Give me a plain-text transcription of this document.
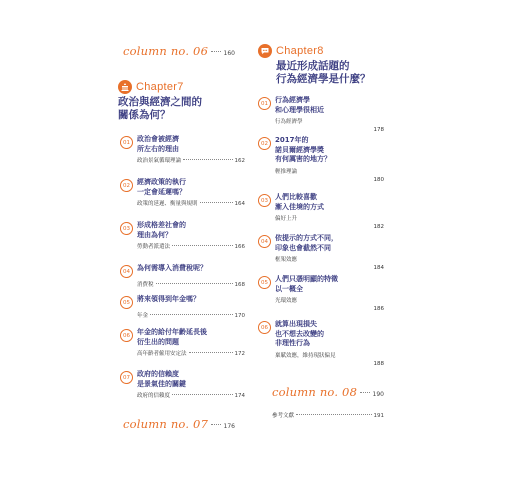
column no. 06	160
Chapter7
政治與經濟之間的
關係為何？
01	政治會被經濟
所左右的理由
政治景氣循環理論	162
02	經濟政策的執行
一定會延遲嗎？
政策的延遲、衡量與規則	164
03	形成格差社會的
理由為何？
勞動者派遣法	166
04	為何需導入消費稅呢？
消費稅	168
05	將來領得到年金嗎？
年金	170
06	年金的給付年齡延長後
衍生出的問題
高年齡者僱用安定法	172
07	政府的信賴度
是景氣佳的關鍵
政府的信賴度	174
column no. 07	176
Chapter8
最近形成話題的
行為經濟學是什麼？
01	行為經濟學
和心理學很相近
行為經濟學
178
02	2017年的
諾貝爾經濟學獎
有何厲害的地方？
輕推理論
180
03	人們比較喜歡
漸入佳境的方式
偏好上升
182
04	依提示的方式不同，
印象也會截然不同
框架效應
184
05	人們只憑明顯的特徵
以一概全
光環效應
186
06	就算出現損失
也不想去改變的
非理性行為
稟賦效應，維持現狀偏見
188
column no. 08	190
參考文獻	191
